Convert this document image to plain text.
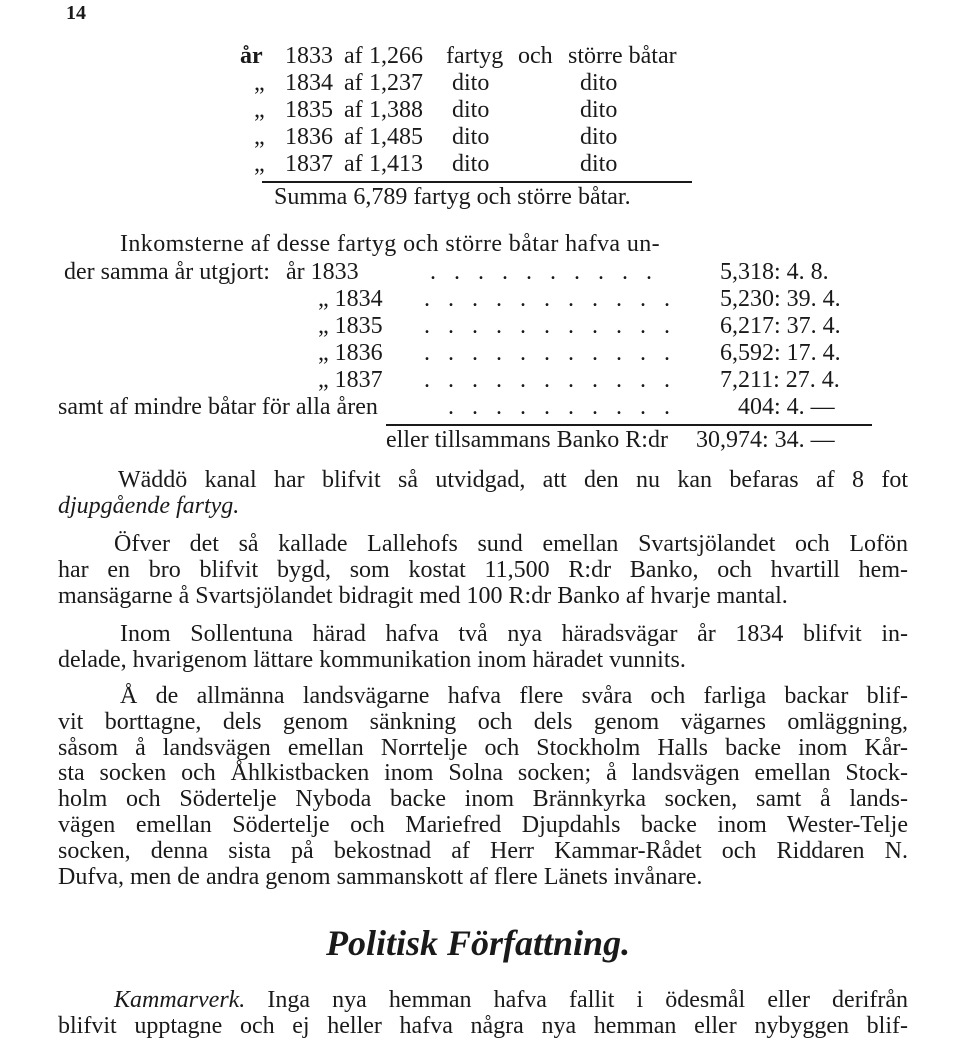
14
år
„
„
„
„
1833
1834
1835
1836
1837
af
af
af
af
af
1,266
1,237
1,388
1,485
1,413
fartyg
dito
dito
dito
dito
och större båtar
dito
dito
dito
dito
Summa 6,789 fartyg och större båtar.
Inkomsterne af desse fartyg och större båtar hafva un-
der samma år utgjort: år 1833
„ 1834
„ 1835
„ 1836
„ 1837
. . . . . . . . . .
. . . . . . . . . . .
. . . . . . . . . . .
. . . . . . . . . . .
. . . . . . . . . . .
5,318: 4. 8.
5,230: 39. 4.
6,217: 37. 4.
6,592: 17. 4.
7,211: 27. 4.
samt af mindre båtar för alla åren	. . . . . . . . . .	404: 4. —
eller tillsammans Banko R:dr 30,974: 34. —
Wäddö kanal har blifvit så utvidgad, att den nu kan befaras af 8 fot
djupgående fartyg.
Öfver det så kallade Lallehofs sund emellan Svartsjölandet och Lofön
har en bro blifvit bygd, som kostat 11,500 R:dr Banko, och hvartill hem-
mansägarne å Svartsjölandet bidragit med 100 R:dr Banko af hvarje mantal.
Inom Sollentuna härad hafva två nya häradsvägar år 1834 blifvit in-
delade, hvarigenom lättare kommunikation inom häradet vunnits.
Å de allmänna landsvägarne hafva flere svåra och farliga backar blif-
vit borttagne, dels genom sänkning och dels genom vägarnes omläggning,
såsom å landsvägen emellan Norrtelje och Stockholm Halls backe inom Kår-
sta socken och Åhlkistbacken inom Solna socken; å landsvägen emellan Stock-
holm och Södertelje Nyboda backe inom Brännkyrka socken, samt å lands-
vägen emellan Södertelje och Mariefred Djupdahls backe inom Wester-Telje
socken, denna sista på bekostnad af Herr Kammar-Rådet och Riddaren N.
Dufva, men de andra genom sammanskott af flere Länets invånare.
Politisk Författning.
Kammarverk. Inga nya hemman hafva fallit i ödesmål eller derifrån
blifvit upptagne och ej heller hafva några nya hemman eller nybyggen blif-
